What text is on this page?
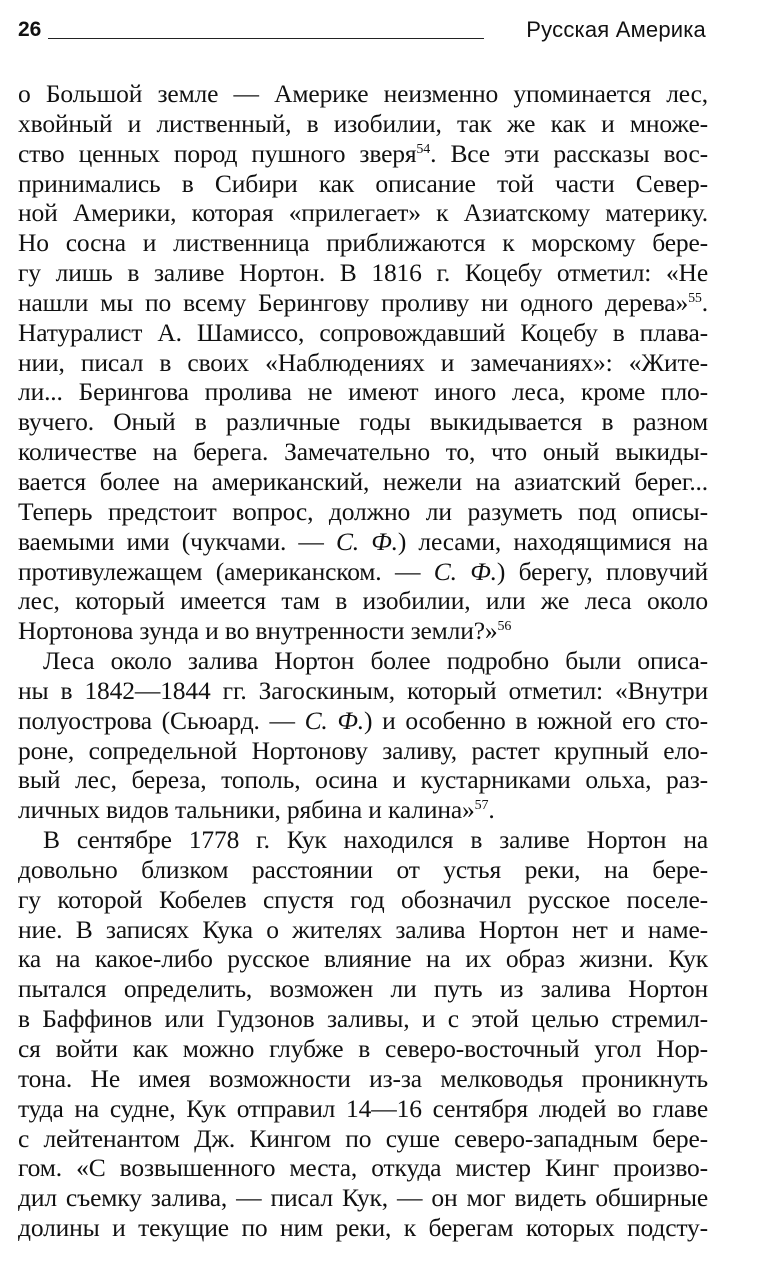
26	Русская Америка
о Большой земле — Америке неизменно упоминается лес,
хвойный и лиственный, в изобилии, так же как и множе-
ство ценных пород пушного зверя$^{54}$. Все эти рассказы вос-
принимались в Сибири как описание той части Север-
ной Америки, которая «прилегает» к Азиатскому материку.
Но сосна и лиственница приближаются к морскому бере-
гу лишь в заливе Нортон. В 1816 г. Коцебу отметил: «Не
нашли мы по всему Берингову проливу ни одного дерева»$^{55}$.
Натуралист А. Шамиссо, сопровождавший Коцебу в плава-
нии, писал в своих «Наблюдениях и замечаниях»: «Жите-
ли... Берингова пролива не имеют иного леса, кроме пло-
вучего. Оный в различные годы выкидывается в разном
количестве на берега. Замечательно то, что оный выкиды-
вается более на американский, нежели на азиатский берег...
Теперь предстоит вопрос, должно ли разуметь под описы-
ваемыми ими (чукчами. — С. Ф.) лесами, находящимися на
противулежащем (американском. — С. Ф.) берегу, пловучий
лес, который имеется там в изобилии, или же леса около
Нортонова зунда и во внутренности земли?»$^{56}$
Леса около залива Нортон более подробно были описа-
ны в 1842—1844 гг. Загоскиным, который отметил: «Внутри
полуострова (Сьюард. — С. Ф.) и особенно в южной его сто-
роне, сопредельной Нортонову заливу, растет крупный ело-
вый лес, береза, тополь, осина и кустарниками ольха, раз-
личных видов тальники, рябина и калина»$^{57}$.
В сентябре 1778 г. Кук находился в заливе Нортон на
довольно близком расстоянии от устья реки, на бере-
гу которой Кобелев спустя год обозначил русское поселе-
ние. В записях Кука о жителях залива Нортон нет и наме-
ка на какое-либо русское влияние на их образ жизни. Кук
пытался определить, возможен ли путь из залива Нортон
в Баффинов или Гудзонов заливы, и с этой целью стремил-
ся войти как можно глубже в северо-восточный угол Нор-
тона. Не имея возможности из-за мелководья проникнуть
туда на судне, Кук отправил 14—16 сентября людей во главе
с лейтенантом Дж. Кингом по суше северо-западным бере-
гом. «С возвышенного места, откуда мистер Кинг произво-
дил съемку залива, — писал Кук, — он мог видеть обширные
долины и текущие по ним реки, к берегам которых подсту-
